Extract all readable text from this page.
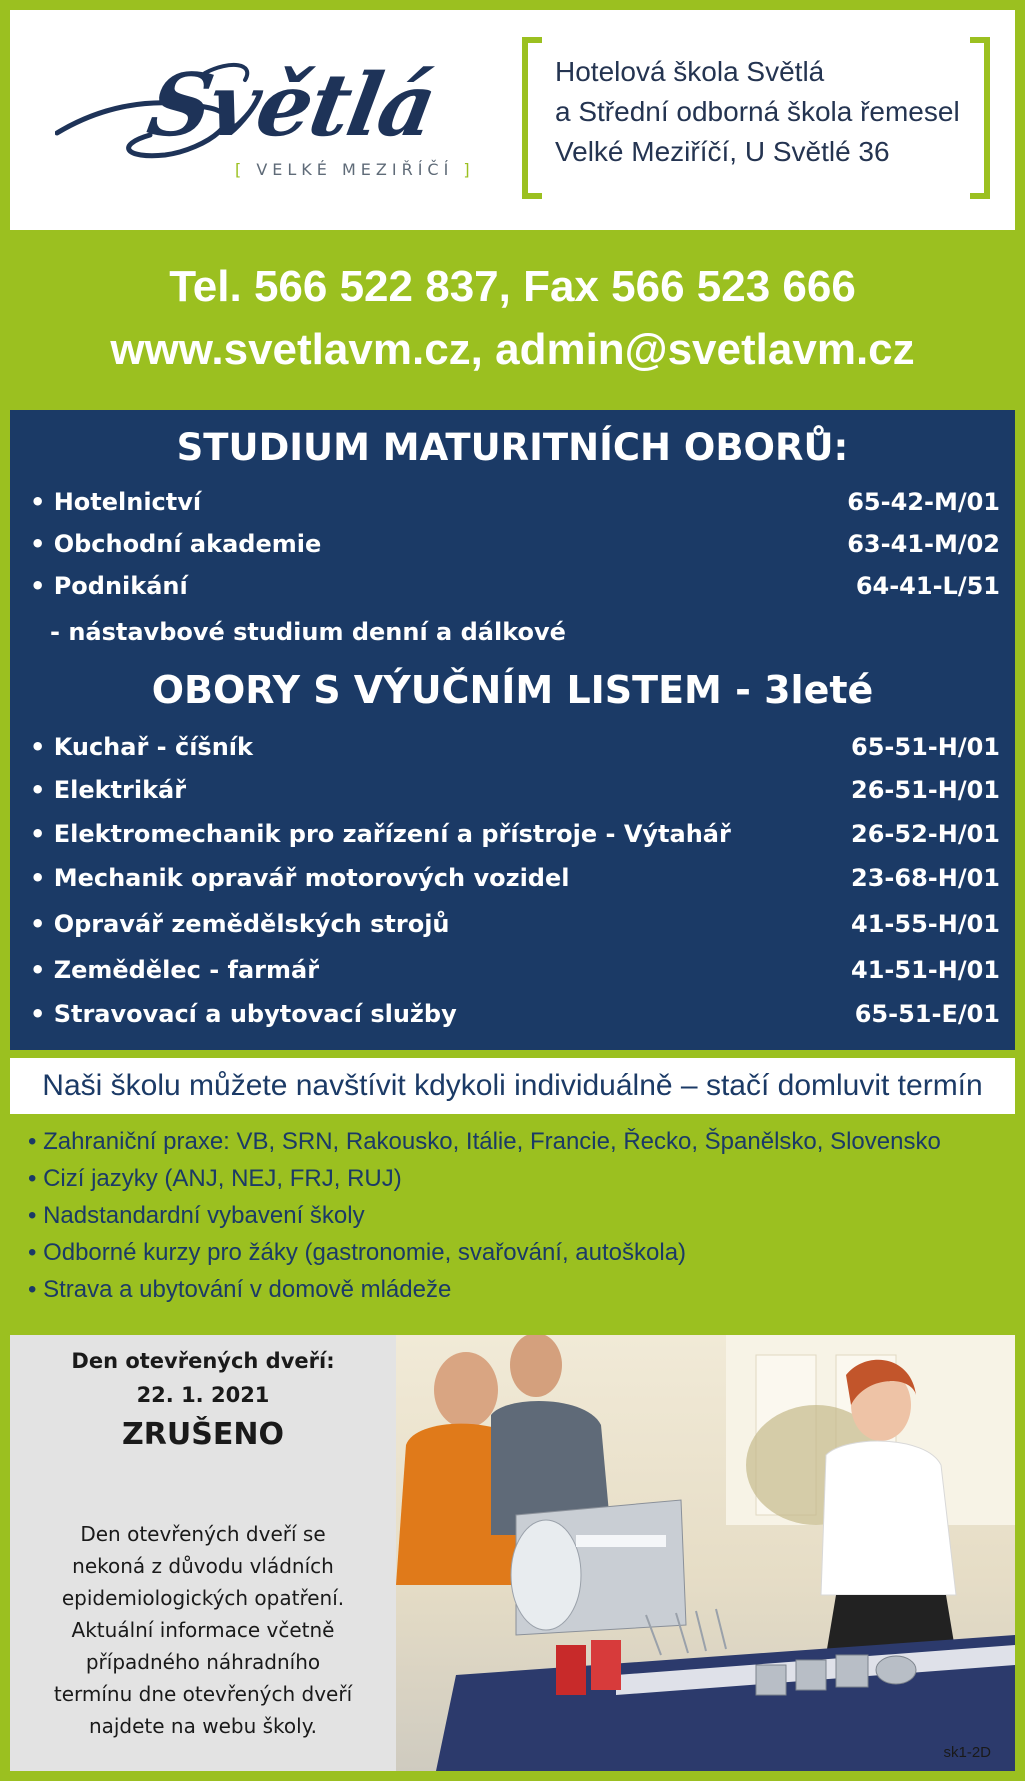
Světlá
[ VELKÉ MEZIŘÍČÍ ]
Hotelová škola Světlá
a Střední odborná škola řemesel
Velké Meziříčí, U Světlé 36
Tel. 566 522 837, Fax 566 523 666
www.svetlavm.cz, admin@svetlavm.cz
STUDIUM MATURITNÍCH OBORŮ:
• Hotelnictví	65-42-M/01
• Obchodní akademie	63-41-M/02
• Podnikání	64-41-L/51
- nástavbové studium denní a dálkové
OBORY S VÝUČNÍM LISTEM - 3leté
• Kuchař - číšník	65-51-H/01
• Elektrikář	26-51-H/01
• Elektromechanik pro zařízení a přístroje - Výtahář	26-52-H/01
• Mechanik opravář motorových vozidel	23-68-H/01
• Opravář zemědělských strojů	41-55-H/01
• Zemědělec - farmář	41-51-H/01
• Stravovací a ubytovací služby	65-51-E/01
Naši školu můžete navštívit kdykoli individuálně – stačí domluvit termín
• Zahraniční praxe: VB, SRN, Rakousko, Itálie, Francie, Řecko, Španělsko, Slovensko
• Cizí jazyky (ANJ, NEJ, FRJ, RUJ)
• Nadstandardní vybavení školy
• Odborné kurzy pro žáky (gastronomie, svařování, autoškola)
• Strava a ubytování v domově mládeže
Den otevřených dveří:
22. 1. 2021
ZRUŠENO
Den otevřených dveří se
nekoná z důvodu vládních
epidemiologických opatření.
Aktuální informace včetně
případného náhradního
termínu dne otevřených dveří
najdete na webu školy.
sk1-2D
